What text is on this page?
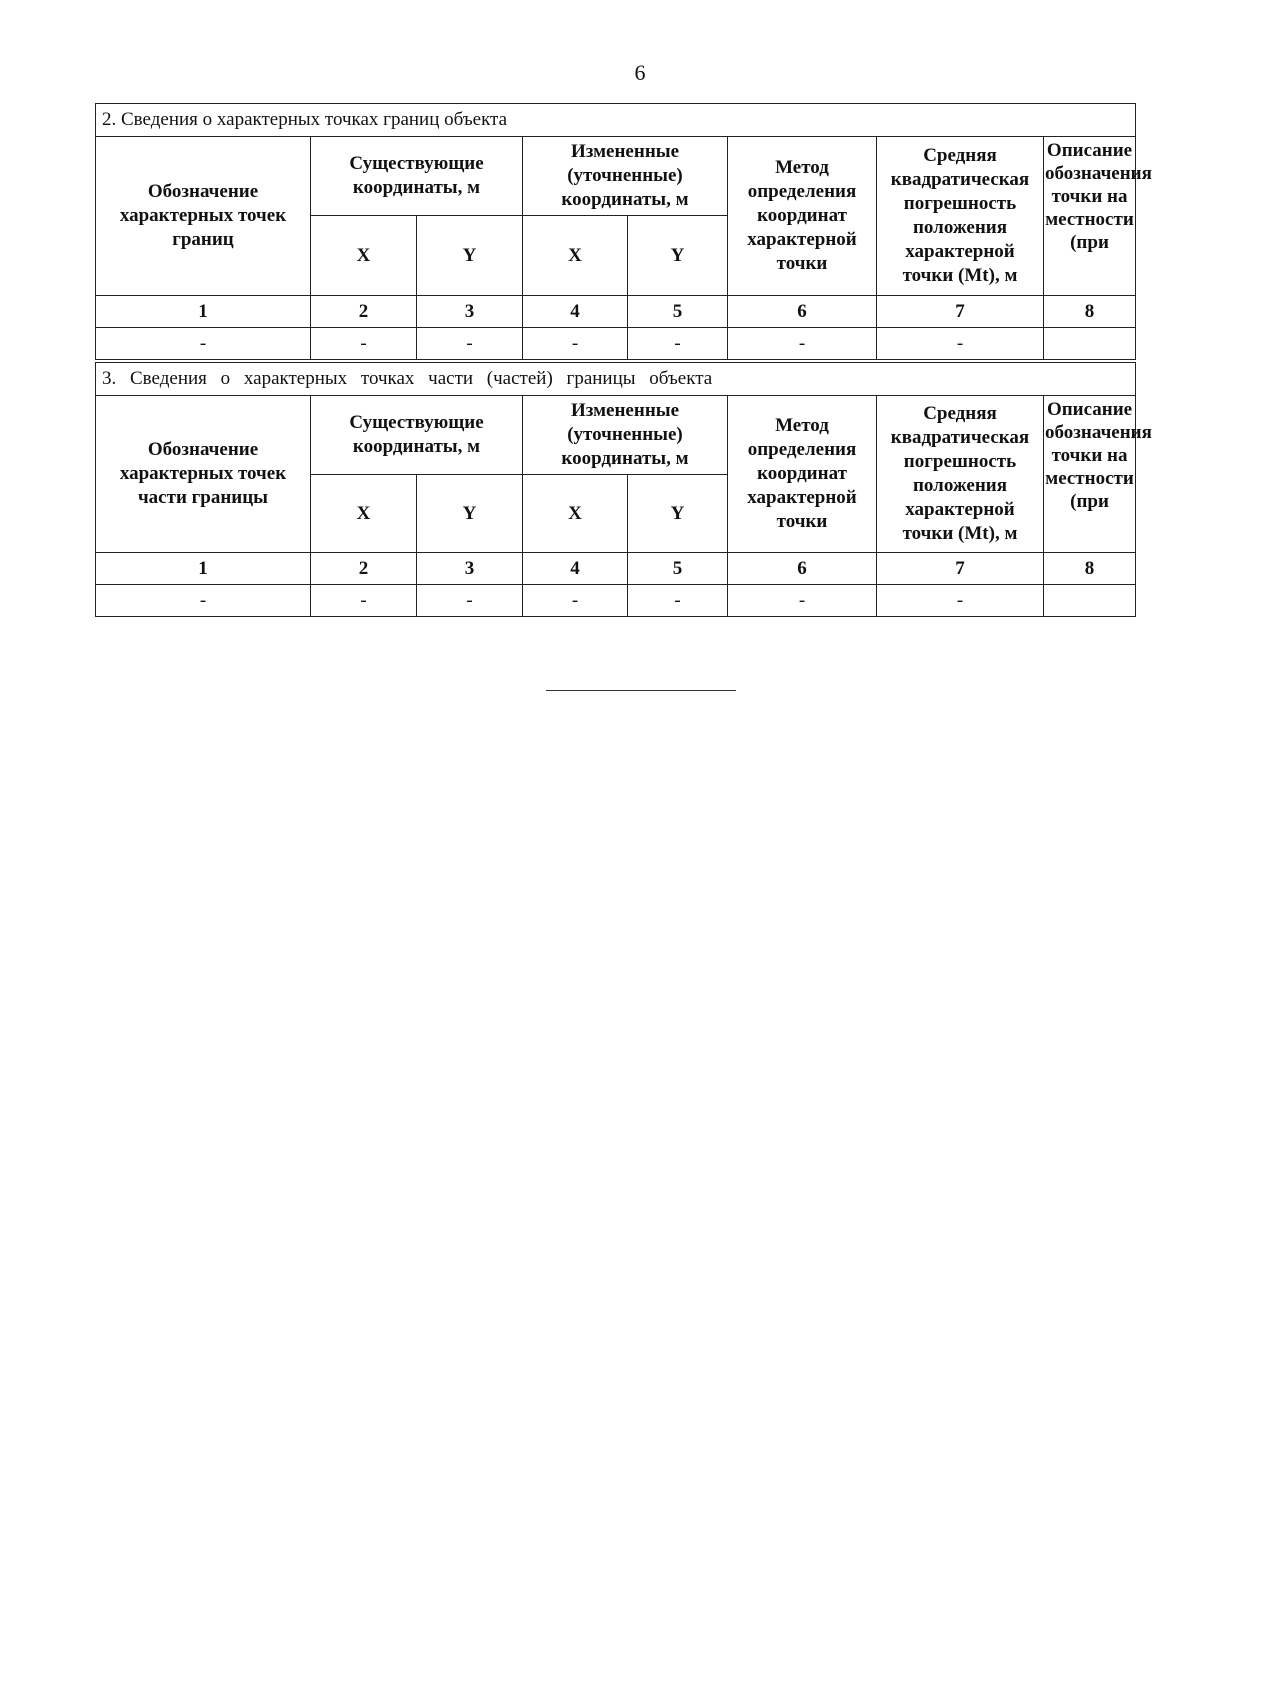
6
2. Сведения о характерных точках границ объекта							
Обозначение характерных точек границ	Существующие координаты, м		Измененные (уточненные) координаты, м		Метод определения координат характерной точки	Средняя квадратическая погрешность положения характерной точки (Mt), м	Описание обозначения точки на местности (при

	X	Y	X	Y			
1	2	3	4	5	6	7	8
-	-	-	-	-	-	-	
3. Сведения о характерных точках части (частей) границы объекта							
Обозначение характерных точек части границы	Существующие координаты, м		Измененные (уточненные) координаты, м		Метод определения координат характерной точки	Средняя квадратическая погрешность положения характерной точки (Mt), м	Описание обозначения точки на местности (при

	X	Y	X	Y			
1	2	3	4	5	6	7	8
-	-	-	-	-	-	-	
